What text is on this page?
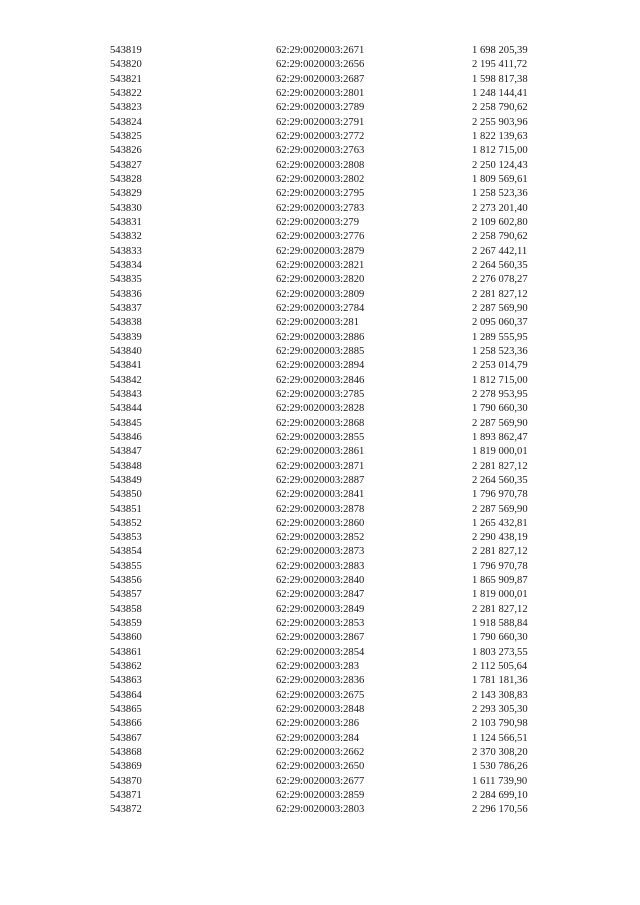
543819	62:29:0020003:2671	1 698 205,39
543820	62:29:0020003:2656	2 195 411,72
543821	62:29:0020003:2687	1 598 817,38
543822	62:29:0020003:2801	1 248 144,41
543823	62:29:0020003:2789	2 258 790,62
543824	62:29:0020003:2791	2 255 903,96
543825	62:29:0020003:2772	1 822 139,63
543826	62:29:0020003:2763	1 812 715,00
543827	62:29:0020003:2808	2 250 124,43
543828	62:29:0020003:2802	1 809 569,61
543829	62:29:0020003:2795	1 258 523,36
543830	62:29:0020003:2783	2 273 201,40
543831	62:29:0020003:279	2 109 602,80
543832	62:29:0020003:2776	2 258 790,62
543833	62:29:0020003:2879	2 267 442,11
543834	62:29:0020003:2821	2 264 560,35
543835	62:29:0020003:2820	2 276 078,27
543836	62:29:0020003:2809	2 281 827,12
543837	62:29:0020003:2784	2 287 569,90
543838	62:29:0020003:281	2 095 060,37
543839	62:29:0020003:2886	1 289 555,95
543840	62:29:0020003:2885	1 258 523,36
543841	62:29:0020003:2894	2 253 014,79
543842	62:29:0020003:2846	1 812 715,00
543843	62:29:0020003:2785	2 278 953,95
543844	62:29:0020003:2828	1 790 660,30
543845	62:29:0020003:2868	2 287 569,90
543846	62:29:0020003:2855	1 893 862,47
543847	62:29:0020003:2861	1 819 000,01
543848	62:29:0020003:2871	2 281 827,12
543849	62:29:0020003:2887	2 264 560,35
543850	62:29:0020003:2841	1 796 970,78
543851	62:29:0020003:2878	2 287 569,90
543852	62:29:0020003:2860	1 265 432,81
543853	62:29:0020003:2852	2 290 438,19
543854	62:29:0020003:2873	2 281 827,12
543855	62:29:0020003:2883	1 796 970,78
543856	62:29:0020003:2840	1 865 909,87
543857	62:29:0020003:2847	1 819 000,01
543858	62:29:0020003:2849	2 281 827,12
543859	62:29:0020003:2853	1 918 588,84
543860	62:29:0020003:2867	1 790 660,30
543861	62:29:0020003:2854	1 803 273,55
543862	62:29:0020003:283	2 112 505,64
543863	62:29:0020003:2836	1 781 181,36
543864	62:29:0020003:2675	2 143 308,83
543865	62:29:0020003:2848	2 293 305,30
543866	62:29:0020003:286	2 103 790,98
543867	62:29:0020003:284	1 124 566,51
543868	62:29:0020003:2662	2 370 308,20
543869	62:29:0020003:2650	1 530 786,26
543870	62:29:0020003:2677	1 611 739,90
543871	62:29:0020003:2859	2 284 699,10
543872	62:29:0020003:2803	2 296 170,56
